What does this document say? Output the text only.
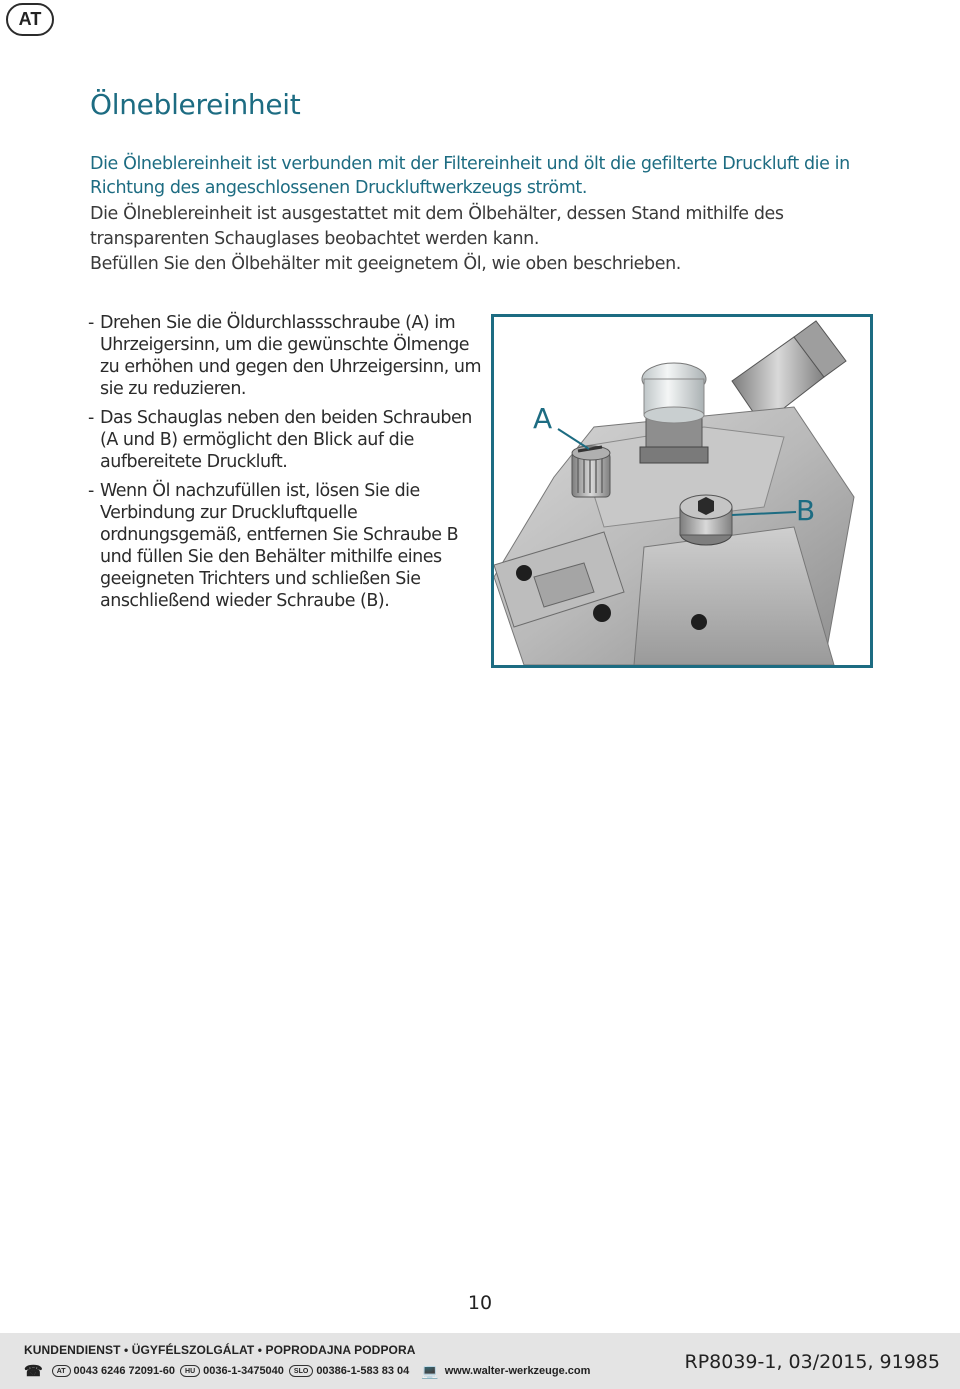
AT
Ölneblereinheit
Die Ölneblereinheit ist verbunden mit der Filtereinheit und ölt die gefilterte Druckluft die in Richtung des angeschlossenen Druckluftwerkzeugs strömt.

Die Ölneblereinheit ist ausgestattet mit dem Ölbehälter, dessen Stand mithilfe des transparenten Schauglases beobachtet werden kann.

Befüllen Sie den Ölbehälter mit geeignetem Öl, wie oben beschrieben.

- Drehen Sie die Öldurchlassschraube (A) im Uhrzeigersinn, um die gewünschte Ölmenge zu erhöhen und gegen den Uhrzeigersinn, um sie zu reduzieren.
- Das Schauglas neben den beiden Schrauben (A und B) ermöglicht den Blick auf die aufbereitete Druckluft.
- Wenn Öl nachzufüllen ist, lösen Sie die Verbindung zur Druckluftquelle ordnungsgemäß, entfernen Sie Schraube B und füllen Sie den Behälter mithilfe eines geeigneten Trichters und schließen Sie anschließend wieder Schraube (B).
A
B
10
KUNDENDIENST • ÜGYFÉLSZOLGÁLAT • POPRODAJNA PODPORA
☎	AT 0043 6246 72091-60	HU 0036-1-3475040	SLO 00386-1-583 83 04 💻 www.walter-werkzeuge.com	RP8039-1, 03/2015, 91985
